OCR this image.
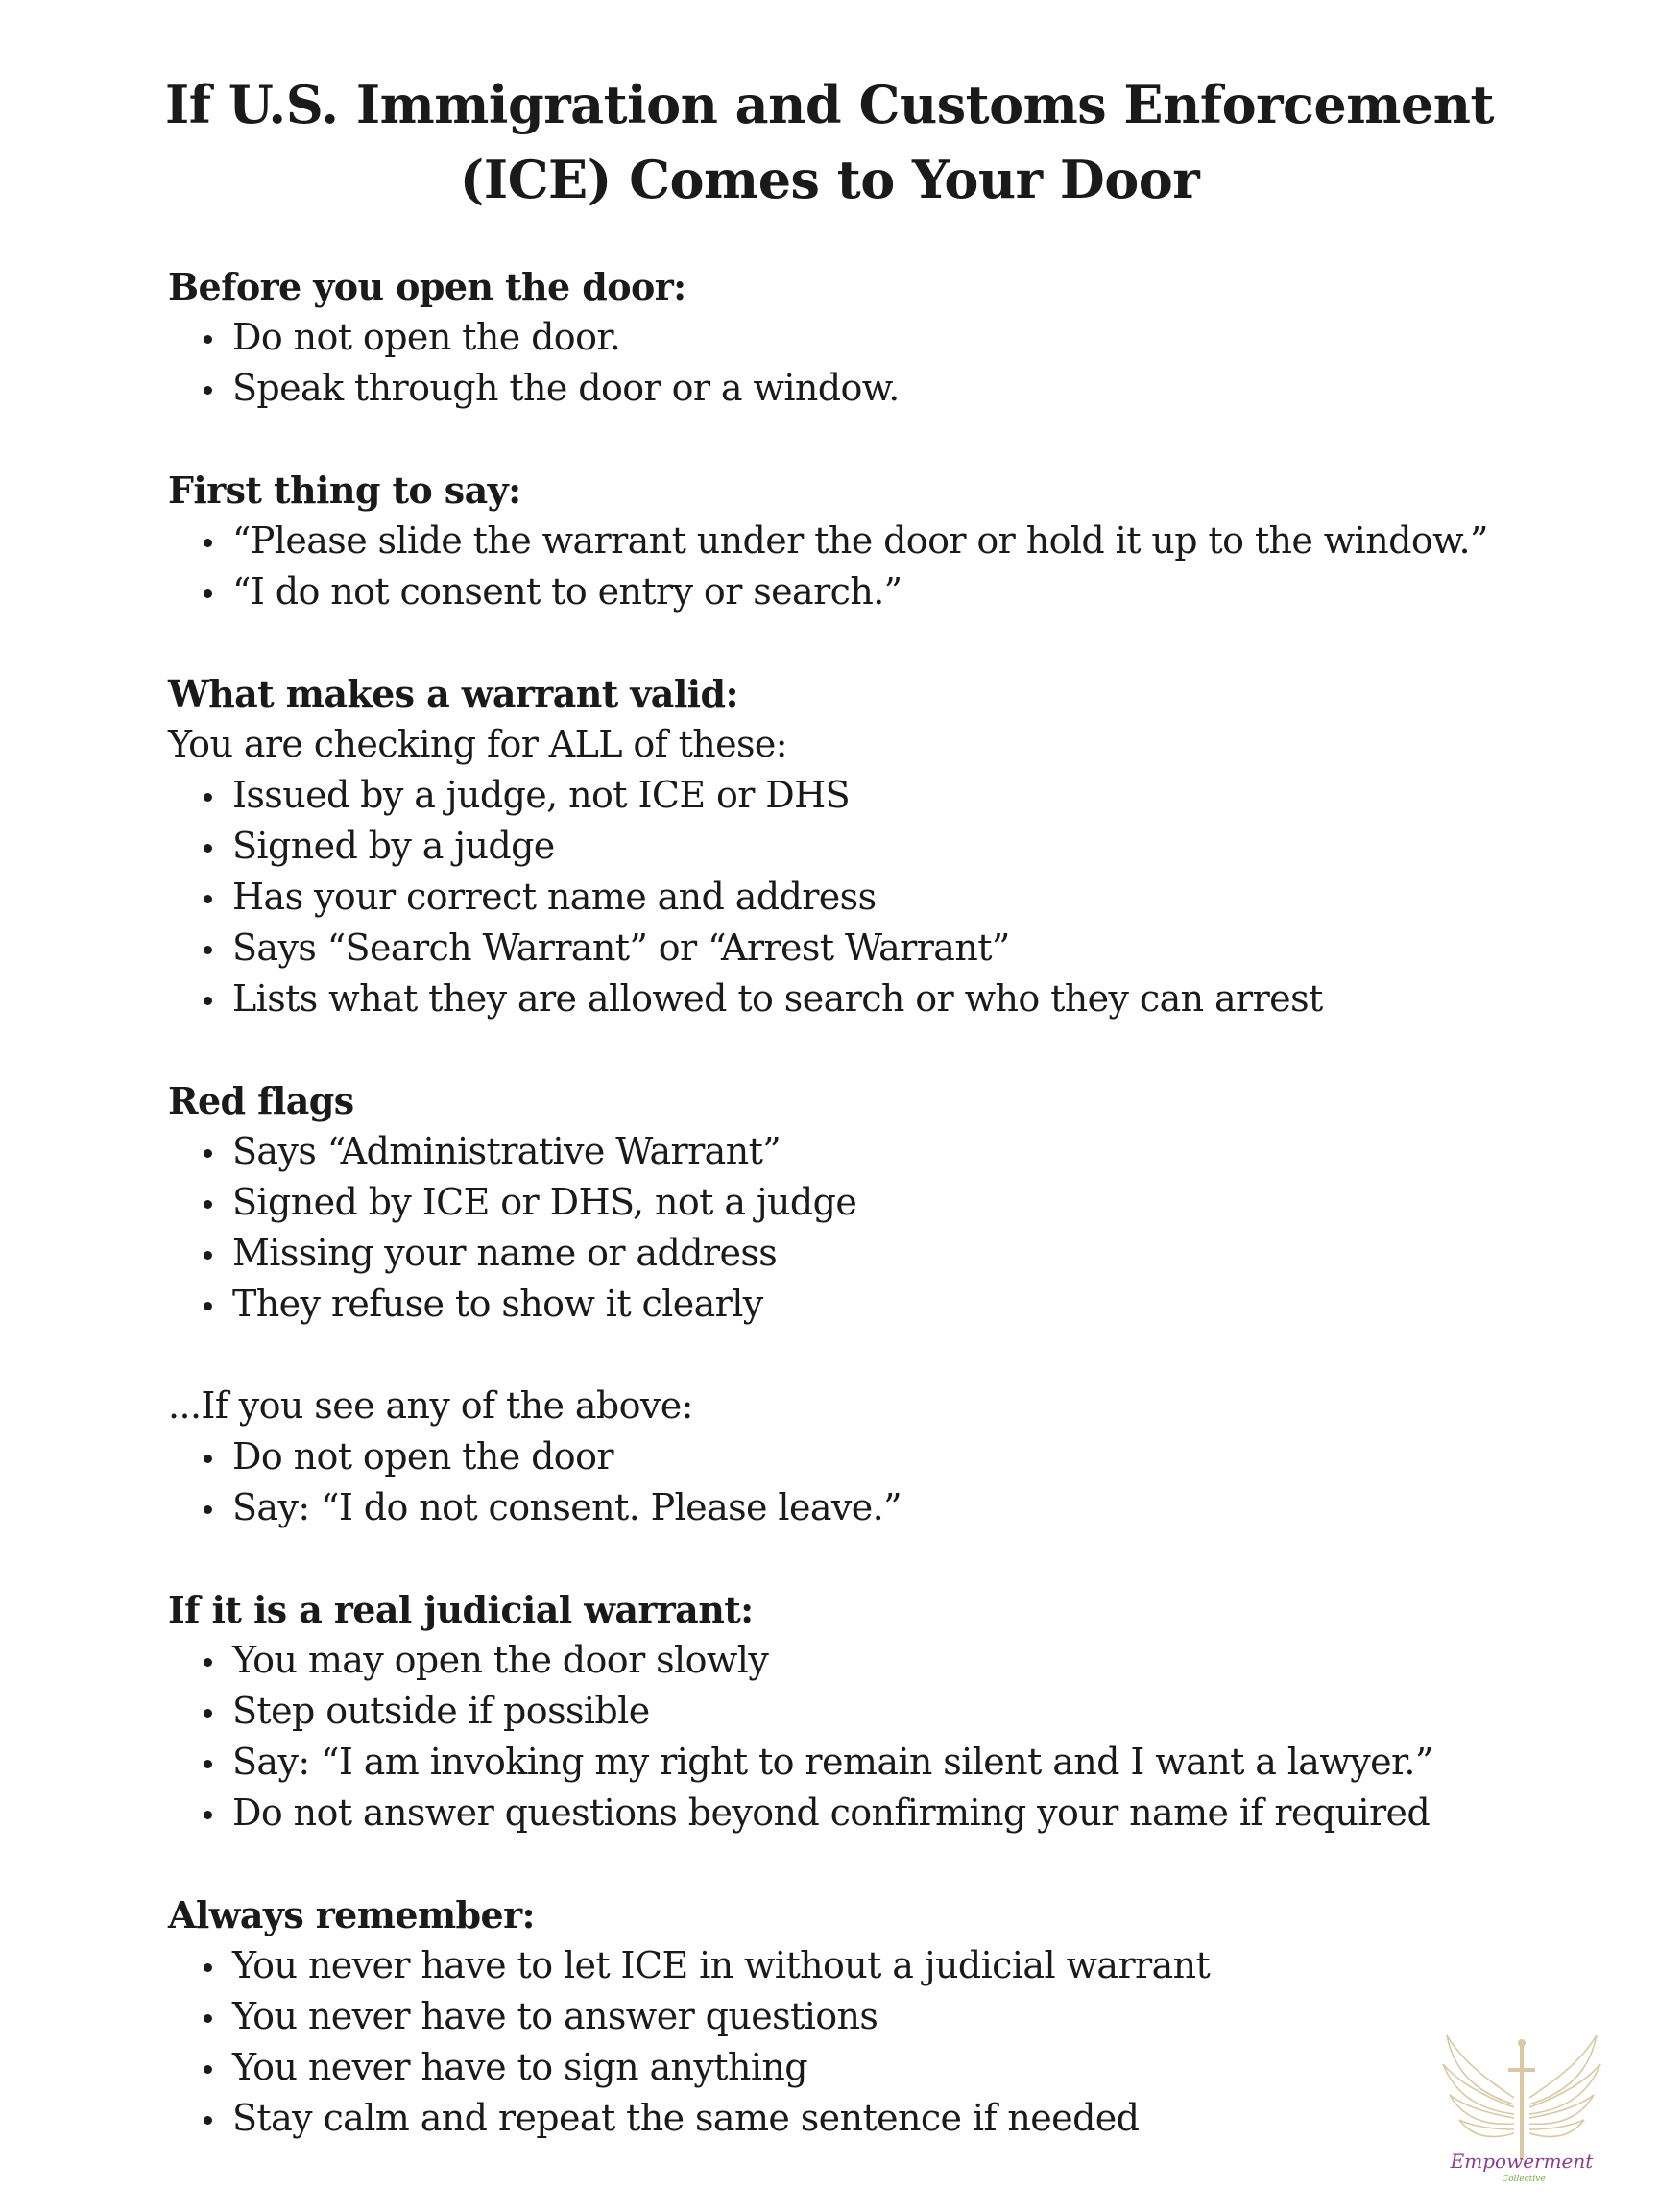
If U.S. Immigration and Customs Enforcement
(ICE) Comes to Your Door

Before you open the door:

Do not open the door.
Speak through the door or a window.

First thing to say:

“Please slide the warrant under the door or hold it up to the window.”
“I do not consent to entry or search.”

What makes a warrant valid:

You are checking for ALL of these:

Issued by a judge, not ICE or DHS
Signed by a judge
Has your correct name and address
Says “Search Warrant” or “Arrest Warrant”
Lists what they are allowed to search or who they can arrest

Red flags

Says “Administrative Warrant”
Signed by ICE or DHS, not a judge
Missing your name or address
They refuse to show it clearly

...If you see any of the above:

Do not open the door
Say: “I do not consent. Please leave.”

If it is a real judicial warrant:

You may open the door slowly
Step outside if possible
Say: “I am invoking my right to remain silent and I want a lawyer.”
Do not answer questions beyond confirming your name if required

Always remember:

You never have to let ICE in without a judicial warrant
You never have to answer questions
You never have to sign anything
Stay calm and repeat the same sentence if needed
Empowerment
Collective
